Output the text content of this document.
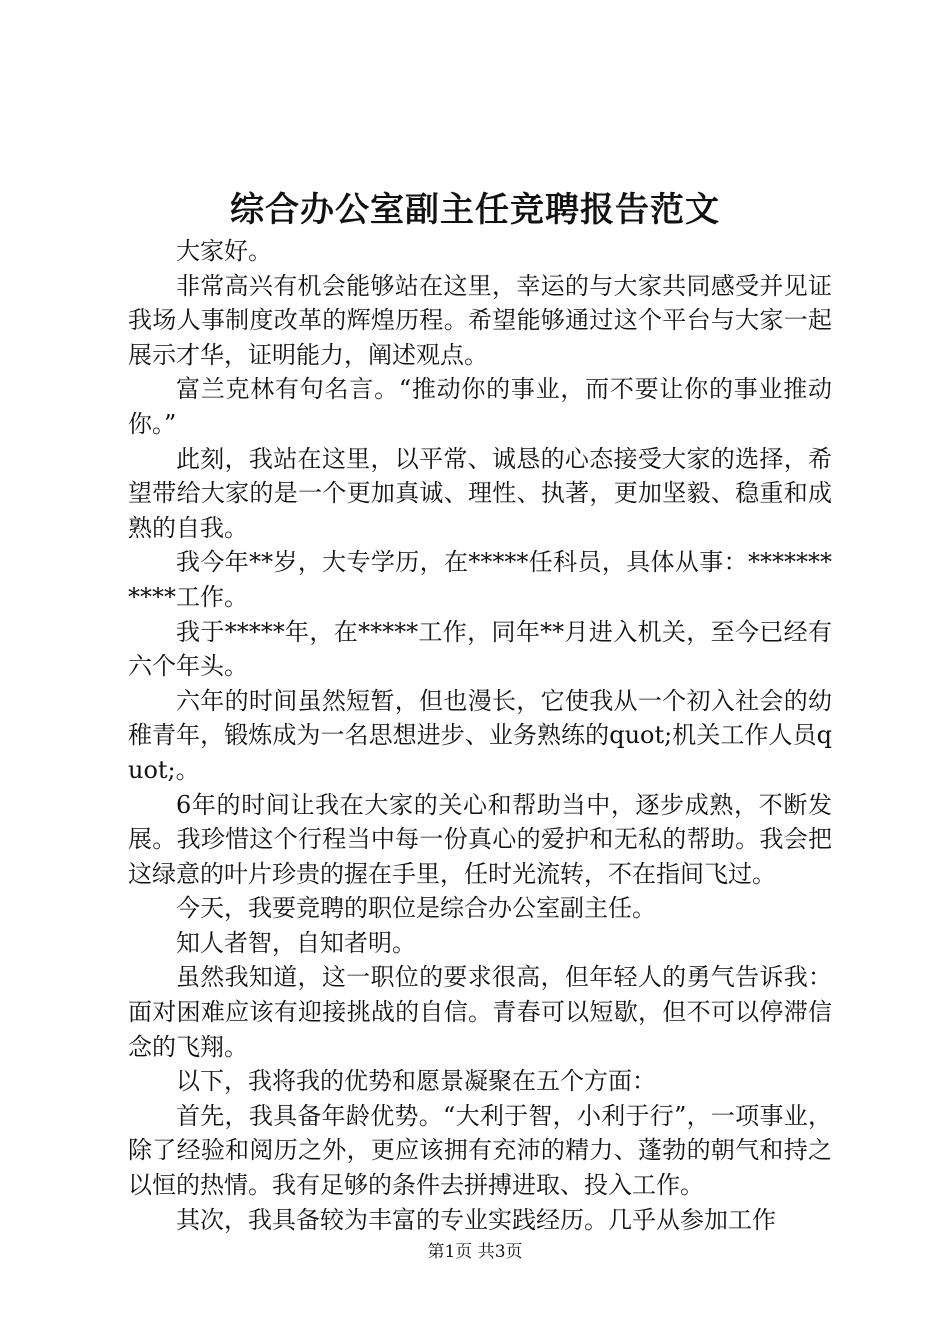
综合办公室副主任竞聘报告范文

大家好。

非常高兴有机会能够站在这里，幸运的与大家共同感受并见证我场人事制度改革的辉煌历程。希望能够通过这个平台与大家一起展示才华，证明能力，阐述观点。

富兰克林有句名言。“推动你的事业，而不要让你的事业推动你。”

此刻，我站在这里，以平常、诚恳的心态接受大家的选择，希望带给大家的是一个更加真诚、理性、执著，更加坚毅、稳重和成熟的自我。

我今年**岁，大专学历，在*****任科员，具体从事：***********工作。

我于*****年，在*****工作，同年**月进入机关，至今已经有六个年头。

六年的时间虽然短暂，但也漫长，它使我从一个初入社会的幼稚青年，锻炼成为一名思想进步、业务熟练的quot;机关工作人员quot;。

6年的时间让我在大家的关心和帮助当中，逐步成熟，不断发展。我珍惜这个行程当中每一份真心的爱护和无私的帮助。我会把这绿意的叶片珍贵的握在手里，任时光流转，不在指间飞过。

今天，我要竞聘的职位是综合办公室副主任。

知人者智，自知者明。

虽然我知道，这一职位的要求很高，但年轻人的勇气告诉我：面对困难应该有迎接挑战的自信。青春可以短歇，但不可以停滞信念的飞翔。

以下，我将我的优势和愿景凝聚在五个方面：

首先，我具备年龄优势。“大利于智，小利于行”，一项事业，除了经验和阅历之外，更应该拥有充沛的精力、蓬勃的朝气和持之以恒的热情。我有足够的条件去拼搏进取、投入工作。

其次，我具备较为丰富的专业实践经历。几乎从参加工作

第1页 共3页
